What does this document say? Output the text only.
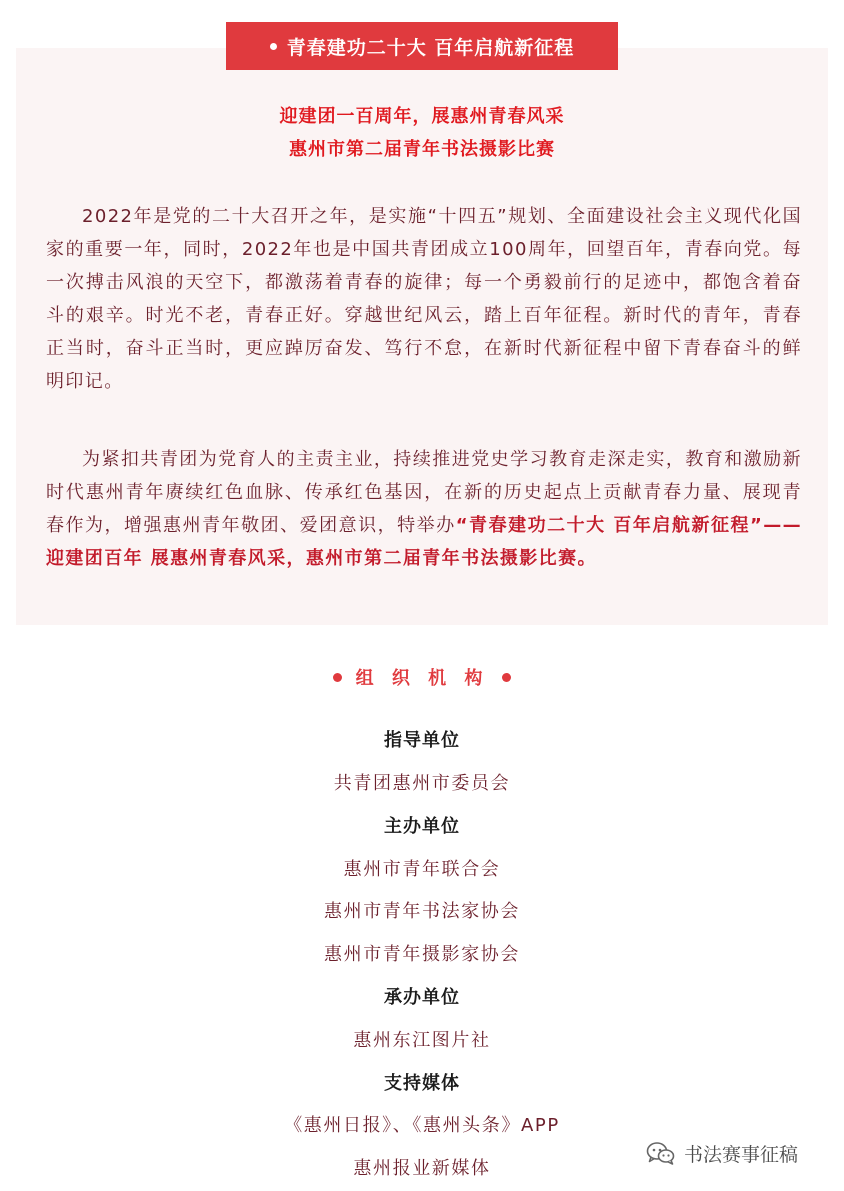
青春建功二十大 百年启航新征程
迎建团一百周年，展惠州青春风采
惠州市第二届青年书法摄影比赛

2022年是党的二十大召开之年，是实施“十四五”规划、全面建设社会主义现代化国家的重要一年，同时，2022年也是中国共青团成立100周年，回望百年，青春向党。每一次搏击风浪的天空下，都激荡着青春的旋律；每一个勇毅前行的足迹中，都饱含着奋斗的艰辛。时光不老，青春正好。穿越世纪风云，踏上百年征程。新时代的青年，青春正当时，奋斗正当时，更应踔厉奋发、笃行不怠，在新时代新征程中留下青春奋斗的鲜明印记。

为紧扣共青团为党育人的主责主业，持续推进党史学习教育走深走实，教育和激励新时代惠州青年赓续红色血脉、传承红色基因，在新的历史起点上贡献青春力量、展现青春作为，增强惠州青年敬团、爱团意识，特举办“青春建功二十大 百年启航新征程”——迎建团百年 展惠州青春风采，惠州市第二届青年书法摄影比赛。

组 织 机 构
指导单位
共青团惠州市委员会
主办单位
惠州市青年联合会
惠州市青年书法家协会
惠州市青年摄影家协会
承办单位
惠州东江图片社
支持媒体
《惠州日报》、《惠州头条》APP
惠州报业新媒体
书法赛事征稿
